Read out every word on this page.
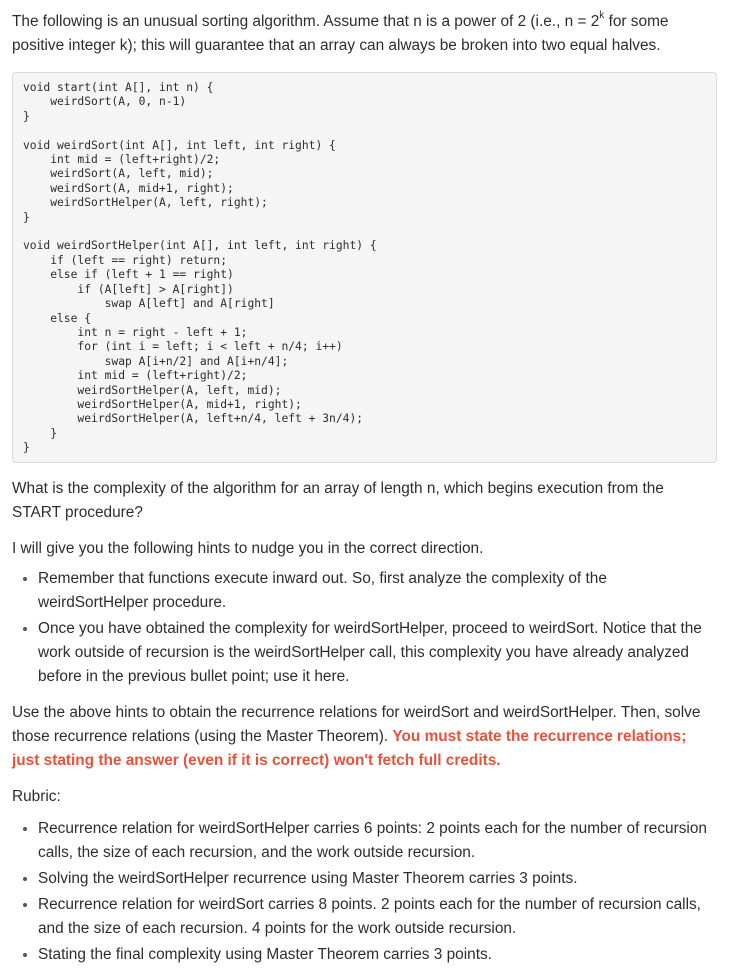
The following is an unusual sorting algorithm. Assume that n is a power of 2 (i.e., $n = 2^k$ for some positive integer k); this will guarantee that an array can always be broken into two equal halves.

void start(int A[], int n) {
weirdSort(A, 0, n-1)
}

void weirdSort(int A[], int left, int right) {
int mid = (left+right)/2;
weirdSort(A, left, mid);
weirdSort(A, mid+1, right);
weirdSortHelper(A, left, right);
}

void weirdSortHelper(int A[], int left, int right) {
if (left == right) return;
else if (left + 1 == right)
if (A[left] > A[right])
swap A[left] and A[right]
else {
int n = right - left + 1;
for (int i = left; i < left + n/4; i++)
swap A[i+n/2] and A[i+n/4];
int mid = (left+right)/2;
weirdSortHelper(A, left, mid);
weirdSortHelper(A, mid+1, right);
weirdSortHelper(A, left+n/4, left + 3n/4);
}
}

What is the complexity of the algorithm for an array of length n, which begins execution from the START procedure?

I will give you the following hints to nudge you in the correct direction.

• Remember that functions execute inward out. So, first analyze the complexity of the weirdSortHelper procedure.
• Once you have obtained the complexity for weirdSortHelper, proceed to weirdSort. Notice that the work outside of recursion is the weirdSortHelper call, this complexity you have already analyzed before in the previous bullet point; use it here.

Use the above hints to obtain the recurrence relations for weirdSort and weirdSortHelper. Then, solve those recurrence relations (using the Master Theorem). You must state the recurrence relations; just stating the answer (even if it is correct) won't fetch full credits.

Rubric:

• Recurrence relation for weirdSortHelper carries 6 points: 2 points each for the number of recursion calls, the size of each recursion, and the work outside recursion.
• Solving the weirdSortHelper recurrence using Master Theorem carries 3 points.
• Recurrence relation for weirdSort carries 8 points. 2 points each for the number of recursion calls, and the size of each recursion. 4 points for the work outside recursion.
• Stating the final complexity using Master Theorem carries 3 points.
